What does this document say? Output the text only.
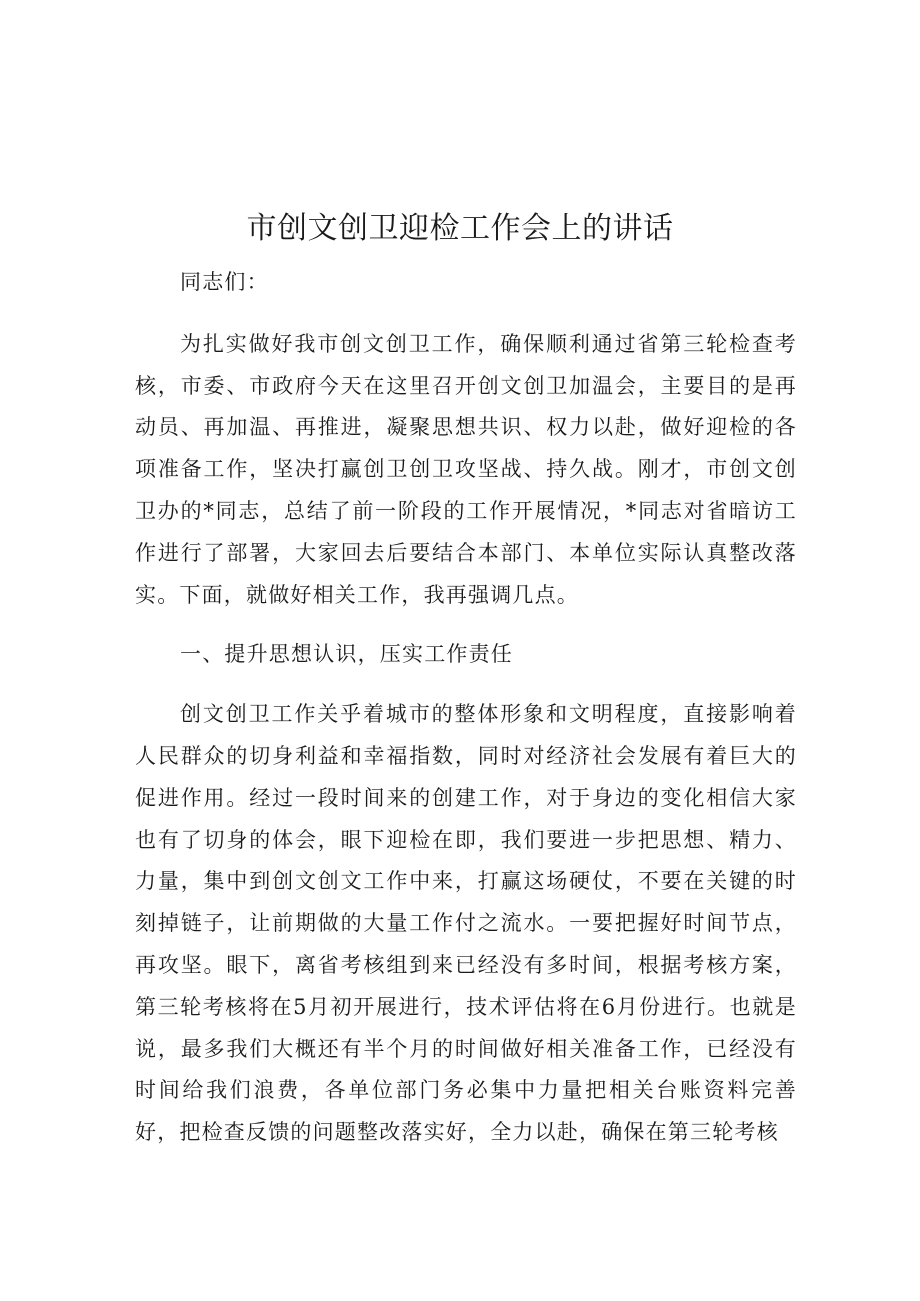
市创文创卫迎检工作会上的讲话

同志们：

为扎实做好我市创文创卫工作，确保顺利通过省第三轮检查考核，市委、市政府今天在这里召开创文创卫加温会，主要目的是再动员、再加温、再推进，凝聚思想共识、权力以赴，做好迎检的各项准备工作，坚决打赢创卫创卫攻坚战、持久战。刚才，市创文创卫办的*同志，总结了前一阶段的工作开展情况，*同志对省暗访工作进行了部署，大家回去后要结合本部门、本单位实际认真整改落实。下面，就做好相关工作，我再强调几点。

一、提升思想认识，压实工作责任

创文创卫工作关乎着城市的整体形象和文明程度，直接影响着人民群众的切身利益和幸福指数，同时对经济社会发展有着巨大的促进作用。经过一段时间来的创建工作，对于身边的变化相信大家也有了切身的体会，眼下迎检在即，我们要进一步把思想、精力、力量，集中到创文创文工作中来，打赢这场硬仗，不要在关键的时刻掉链子，让前期做的大量工作付之流水。一要把握好时间节点，再攻坚。眼下，离省考核组到来已经没有多时间，根据考核方案，第三轮考核将在5月初开展进行，技术评估将在6月份进行。也就是说，最多我们大概还有半个月的时间做好相关准备工作，已经没有时间给我们浪费，各单位部门务必集中力量把相关台账资料完善好，把检查反馈的问题整改落实好，全力以赴，确保在第三轮考核
